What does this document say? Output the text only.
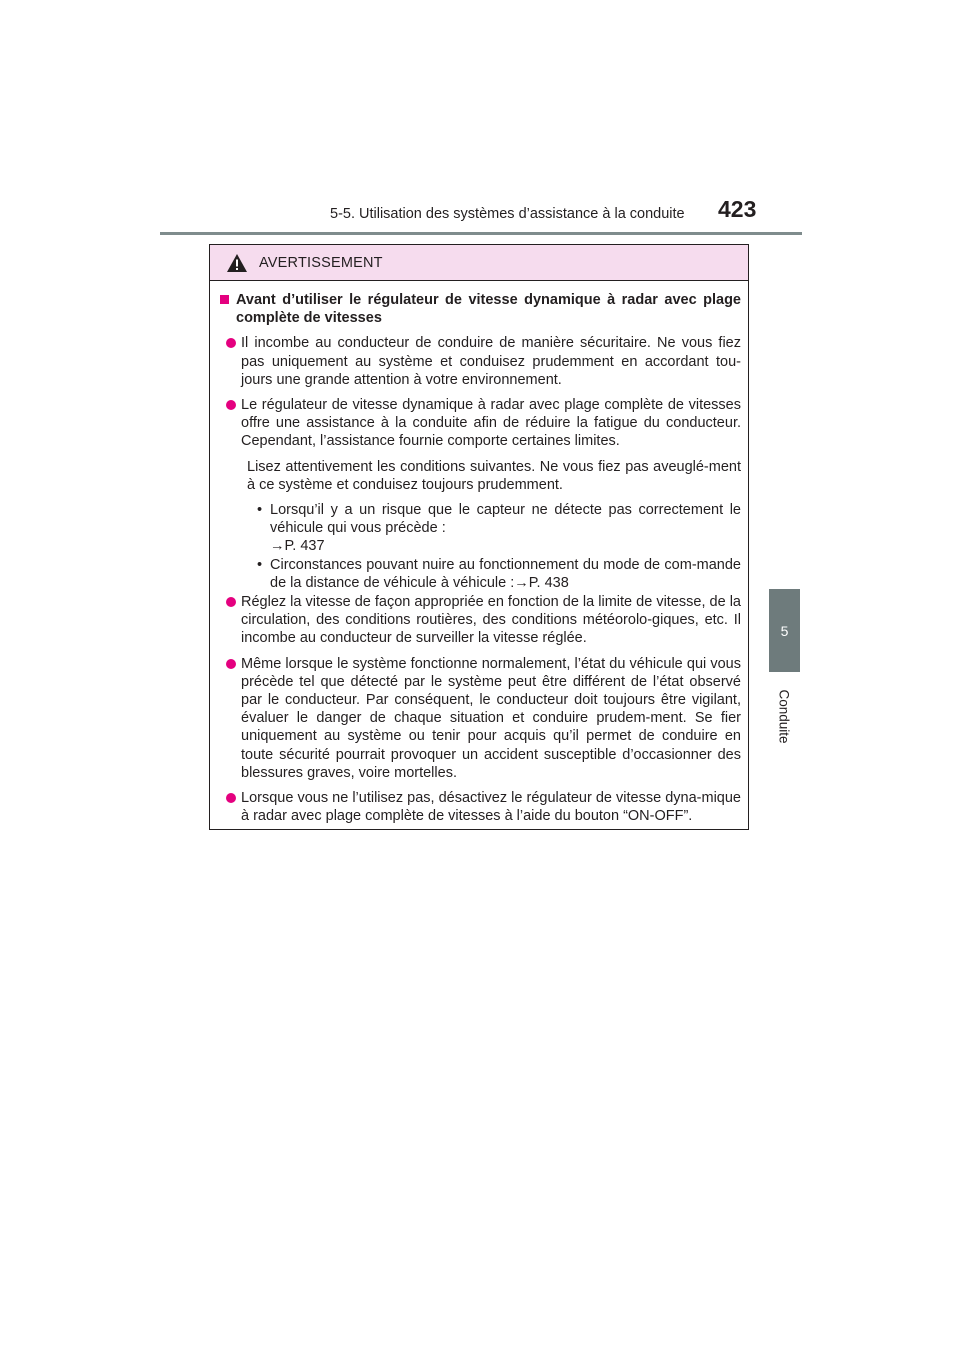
5-5. Utilisation des systèmes d’assistance à la conduite 423
5
Conduite
AVERTISSEMENT
Avant d’utiliser le régulateur de vitesse dynamique à radar avec plage complète de vitesses
Il incombe au conducteur de conduire de manière sécuritaire. Ne vous fiez pas uniquement au système et conduisez prudemment en accordant tou-jours une grande attention à votre environnement.
Le régulateur de vitesse dynamique à radar avec plage complète de vitesses offre une assistance à la conduite afin de réduire la fatigue du conducteur. Cependant, l’assistance fournie comporte certaines limites.
Lisez attentivement les conditions suivantes. Ne vous fiez pas aveuglé-ment à ce système et conduisez toujours prudemment.
• Lorsqu’il y a un risque que le capteur ne détecte pas correctement le véhicule qui vous précède :
→P. 437
• Circonstances pouvant nuire au fonctionnement du mode de com-mande de la distance de véhicule à véhicule :→P. 438
Réglez la vitesse de façon appropriée en fonction de la limite de vitesse, de la circulation, des conditions routières, des conditions météorolo-giques, etc. Il incombe au conducteur de surveiller la vitesse réglée.
Même lorsque le système fonctionne normalement, l’état du véhicule qui vous précède tel que détecté par le système peut être différent de l’état observé par le conducteur. Par conséquent, le conducteur doit toujours être vigilant, évaluer le danger de chaque situation et conduire prudem-ment. Se fier uniquement au système ou tenir pour acquis qu’il permet de conduire en toute sécurité pourrait provoquer un accident susceptible d’occasionner des blessures graves, voire mortelles.
Lorsque vous ne l’utilisez pas, désactivez le régulateur de vitesse dyna-mique à radar avec plage complète de vitesses à l’aide du bouton “ON-OFF”.
